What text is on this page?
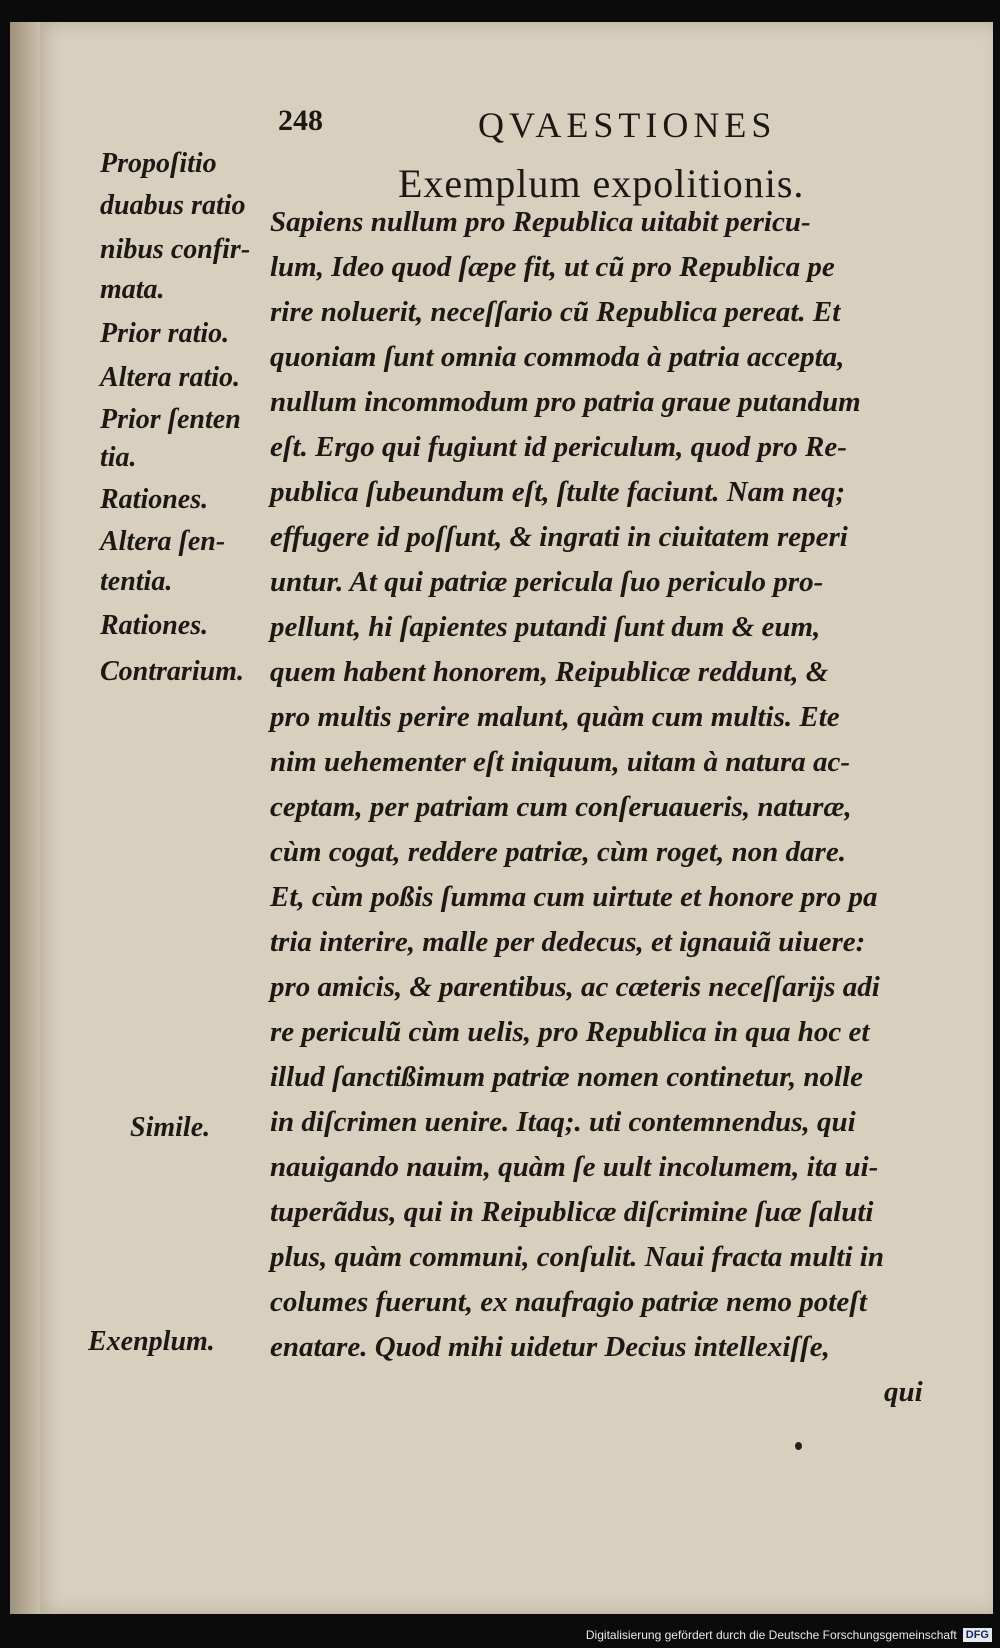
248	QVAESTIONES
Exemplum expolitionis.
Propoſitio
duabus ratio
nibus confir-
mata.
Prior ratio.
Altera ratio.
Prior ſenten
tia.
Rationes.
Altera ſen-
tentia.
Rationes.
Contrarium.
Simile.
Exenplum.
Sapiens nullum pro Republica uitabit pericu-
lum, Ideo quod ſæpe fit, ut cũ pro Republica pe
rire noluerit, neceſſario cũ Republica pereat. Et
quoniam ſunt omnia commoda à patria accepta,
nullum incommodum pro patria graue putandum
eſt. Ergo qui fugiunt id periculum, quod pro Re-
publica ſubeundum eſt, ſtulte faciunt. Nam neq;
effugere id poſſunt, & ingrati in ciuitatem reperi
untur. At qui patriæ pericula ſuo periculo pro-
pellunt, hi ſapientes putandi ſunt dum & eum,
quem habent honorem, Reipublicæ reddunt, &
pro multis perire malunt, quàm cum multis. Ete
nim uehementer eſt iniquum, uitam à natura ac-
ceptam, per patriam cum conſeruaueris, naturæ,
cùm cogat, reddere patriæ, cùm roget, non dare.
Et, cùm poßis ſumma cum uirtute et honore pro pa
tria interire, malle per dedecus, et ignauiã uiuere:
pro amicis, & parentibus, ac cæteris neceſſarijs adi
re periculũ cùm uelis, pro Republica in qua hoc et
illud ſanctißimum patriæ nomen continetur, nolle
in diſcrimen uenire. Itaq;. uti contemnendus, qui
nauigando nauim, quàm ſe uult incolumem, ita ui-
tuperãdus, qui in Reipublicæ diſcrimine ſuæ ſaluti
plus, quàm communi, conſulit. Naui fracta multi in
columes fuerunt, ex naufragio patriæ nemo poteſt
enatare. Quod mihi uidetur Decius intellexiſſe,
qui
Digitalisierung gefördert durch die Deutsche Forschungsgemeinschaft DFG
